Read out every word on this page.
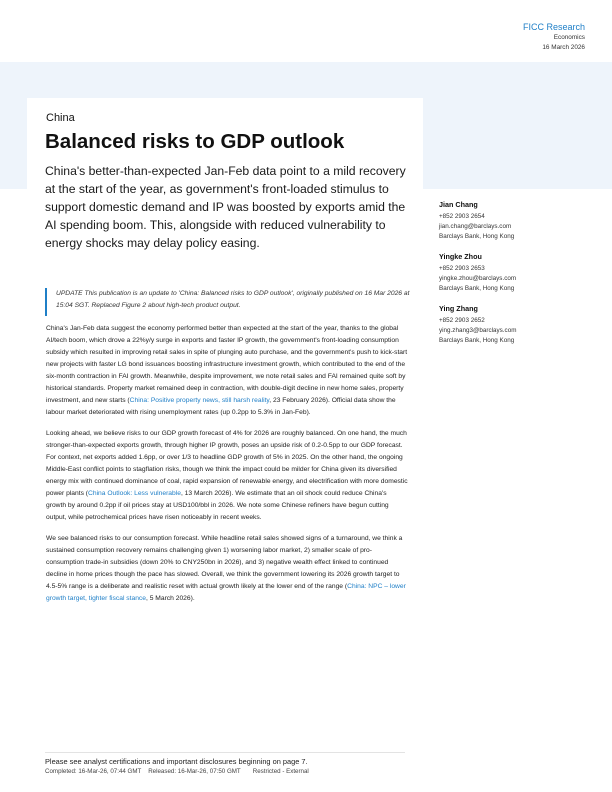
FICC Research
Economics
16 March 2026
China
Balanced risks to GDP outlook
China's better-than-expected Jan-Feb data point to a mild recovery at the start of the year, as government's front-loaded stimulus to support domestic demand and IP was boosted by exports amid the AI spending boom. This, alongside with reduced vulnerability to energy shocks may delay policy easing.

UPDATE This publication is an update to 'China: Balanced risks to GDP outlook', originally published on 16 Mar 2026 at 15:04 SGT. Replaced Figure 2 about high-tech product output.

China's Jan-Feb data suggest the economy performed better than expected at the start of the year, thanks to the global AI/tech boom, which drove a 22%y/y surge in exports and faster IP growth, the government's front-loading consumption subsidy which resulted in improving retail sales in spite of plunging auto purchase, and the government's push to kick-start new projects with faster LG bond issuances boosting infrastructure investment growth, which contributed to the end of the six-month contraction in FAI growth. Meanwhile, despite improvement, we note retail sales and FAI remained quite soft by historical standards. Property market remained deep in contraction, with double-digit decline in new home sales, property investment, and new starts (China: Positive property news, still harsh reality, 23 February 2026). Official data show the labour market deteriorated with rising unemployment rates (up 0.2pp to 5.3% in Jan-Feb).

Looking ahead, we believe risks to our GDP growth forecast of 4% for 2026 are roughly balanced. On one hand, the much stronger-than-expected exports growth, through higher IP growth, poses an upside risk of 0.2-0.5pp to our GDP forecast. For context, net exports added 1.6pp, or over 1/3 to headline GDP growth of 5% in 2025. On the other hand, the ongoing Middle-East conflict points to stagflation risks, though we think the impact could be milder for China given its diversified energy mix with continued dominance of coal, rapid expansion of renewable energy, and electrification with more domestic power plants (China Outlook: Less vulnerable, 13 March 2026). We estimate that an oil shock could reduce China's growth by around 0.2pp if oil prices stay at USD100/bbl in 2026. We note some Chinese refiners have begun cutting output, while petrochemical prices have risen noticeably in recent weeks.

We see balanced risks to our consumption forecast. While headline retail sales showed signs of a turnaround, we think a sustained consumption recovery remains challenging given 1) worsening labor market, 2) smaller scale of pro-consumption trade-in subsidies (down 20% to CNY250bn in 2026), and 3) negative wealth effect linked to continued decline in home prices though the pace has slowed. Overall, we think the government lowering its 2026 growth target to 4.5-5% range is a deliberate and realistic reset with actual growth likely at the lower end of the range (China: NPC – lower growth target, tighter fiscal stance, 5 March 2026).

Jian Chang
+852 2903 2654
jian.chang@barclays.com
Barclays Bank, Hong Kong
Yingke Zhou
+852 2903 2653
yingke.zhou@barclays.com
Barclays Bank, Hong Kong
Ying Zhang
+852 2903 2652
ying.zhang3@barclays.com
Barclays Bank, Hong Kong
Please see analyst certifications and important disclosures beginning on page 7.
Completed: 16-Mar-26, 07:44 GMT Released: 16-Mar-26, 07:50 GMT Restricted - External
